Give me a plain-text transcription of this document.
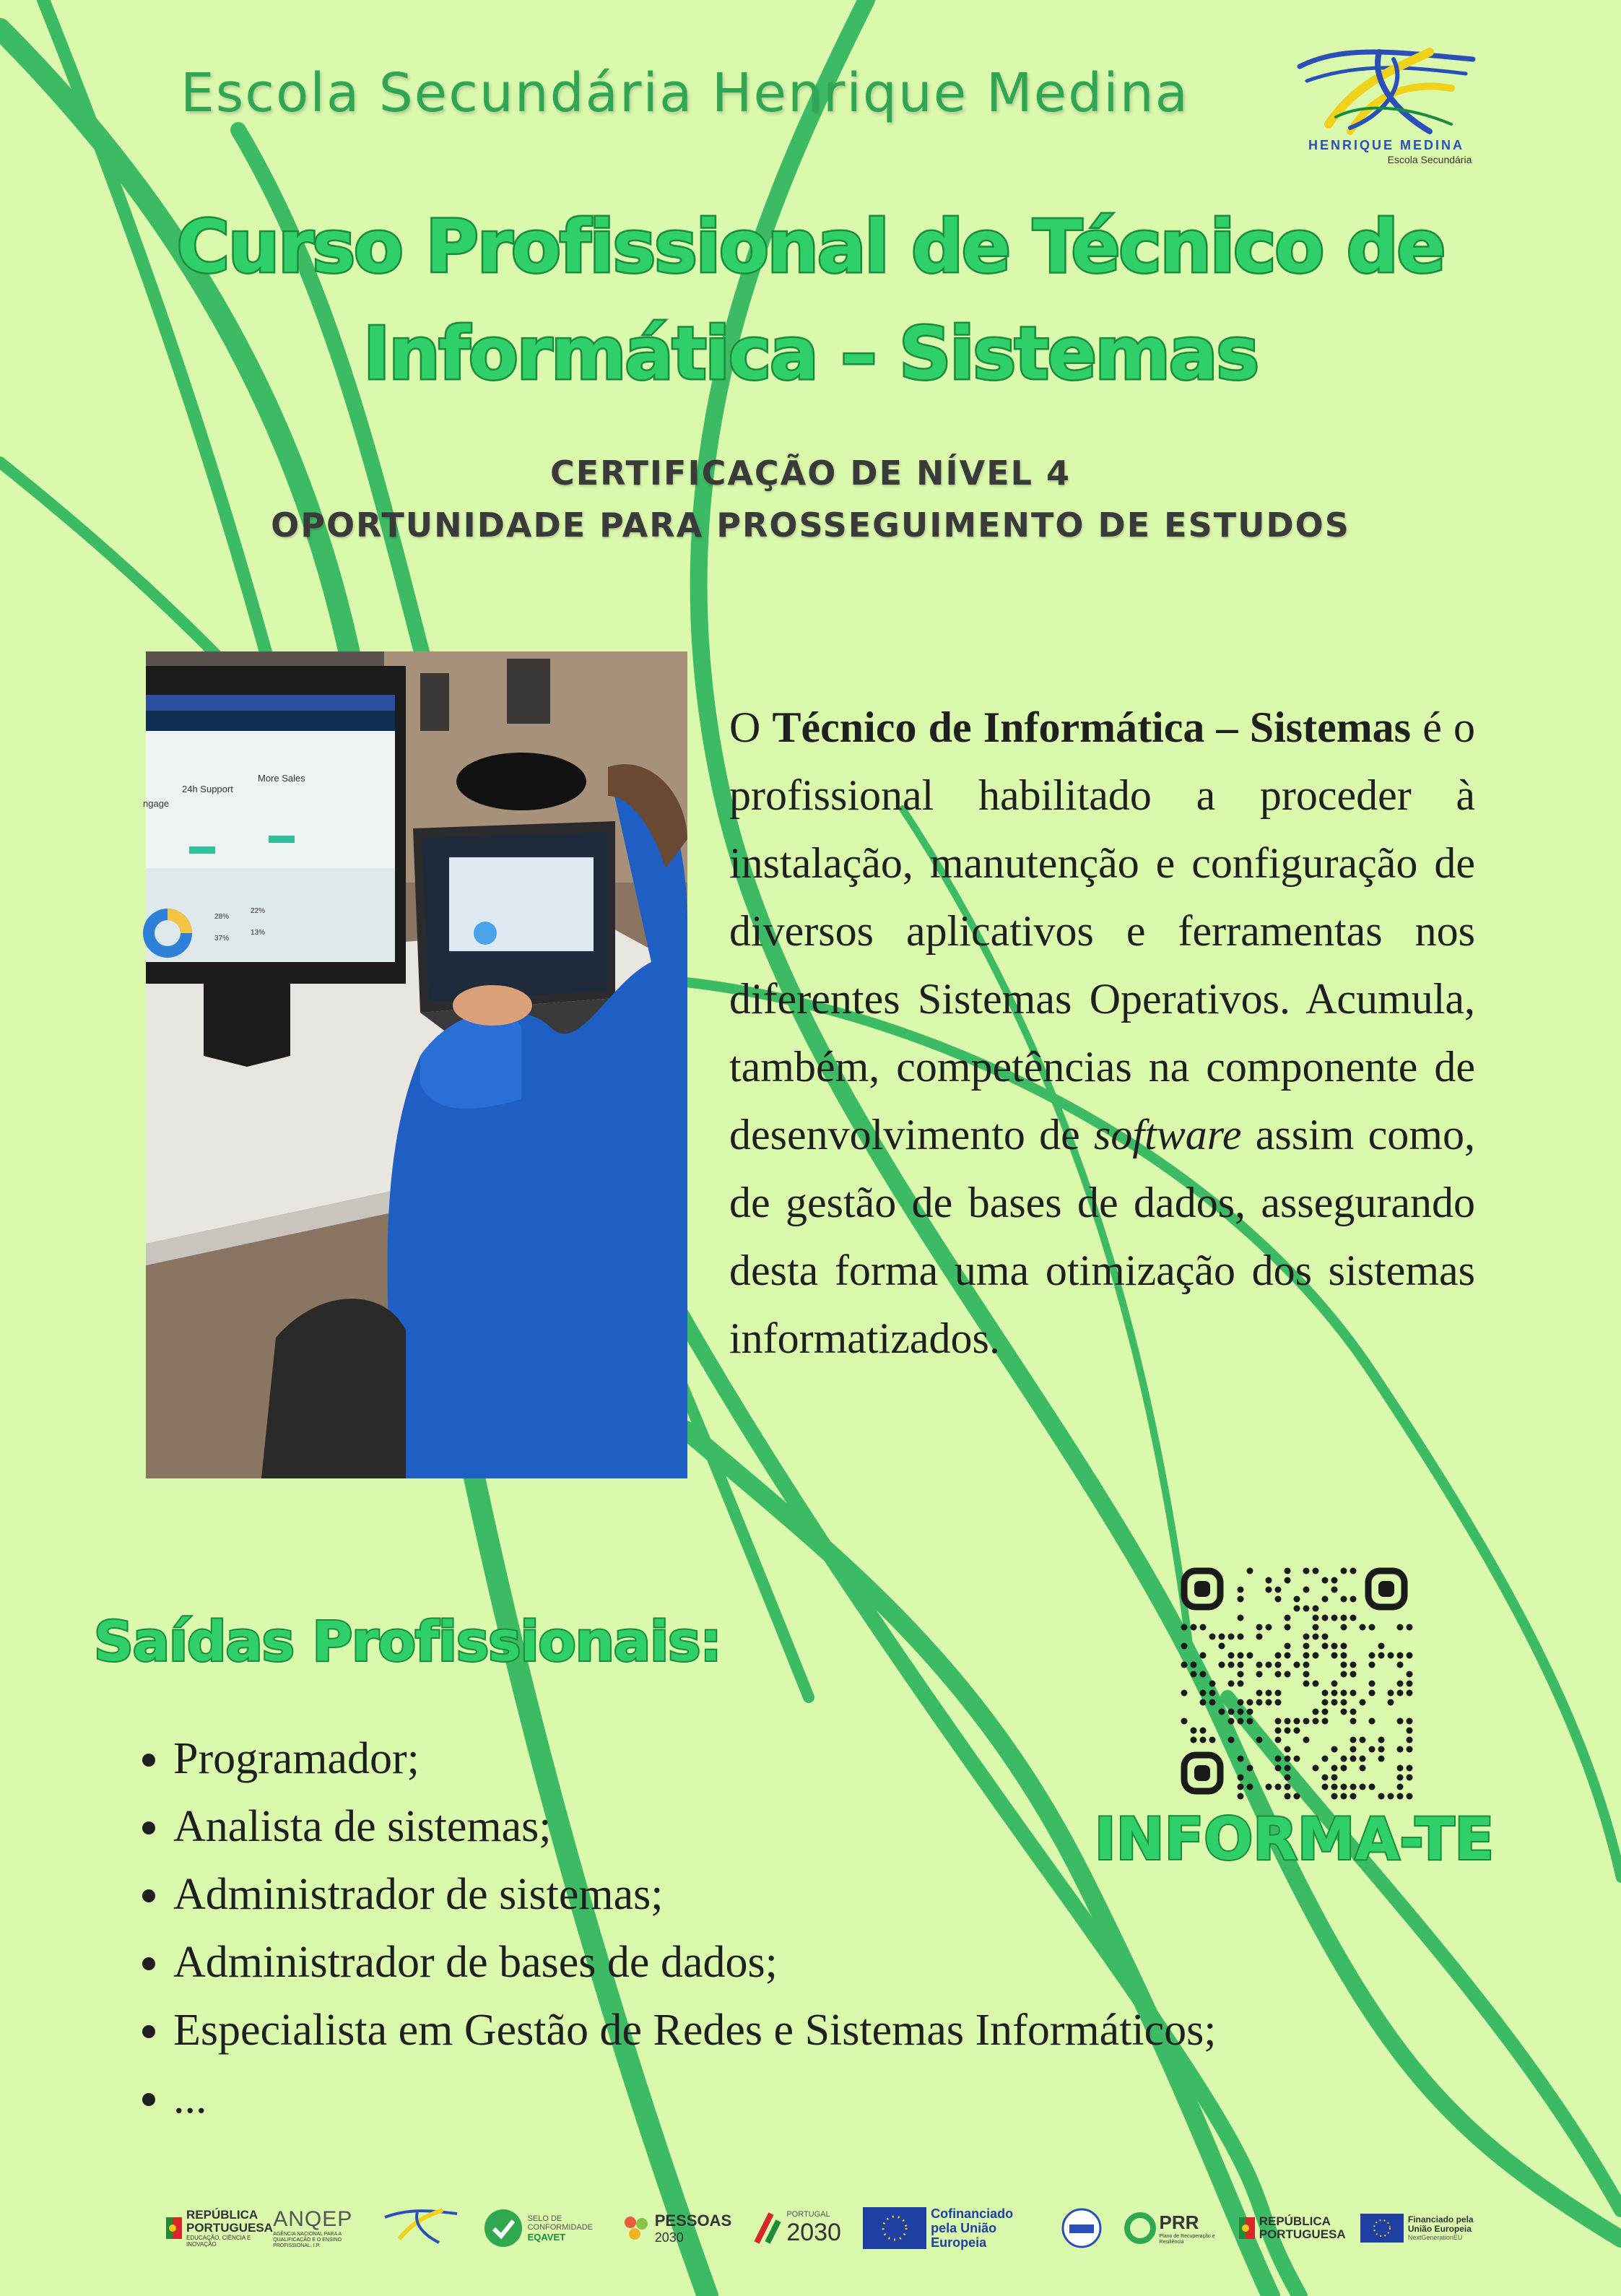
Escola Secundária Henrique Medina
HENRIQUE MEDINA
Escola Secundária
Curso Profissional de Técnico de
Informática – Sistemas
CERTIFICAÇÃO DE NÍVEL 4
OPORTUNIDADE PARA PROSSEGUIMENTO DE ESTUDOS
ngage
24h Support
More Sales
28%
22%
37%
13%
O Técnico de Informática – Sistemas é o profissional habilitado a proceder à instalação, manutenção e configuração de diversos aplicativos e ferramentas nos diferentes Sistemas Operativos. Acumula, também, competências na componente de desenvolvimento de software assim como, de gestão de bases de dados, assegurando desta forma uma otimização dos sistemas informatizados.
Saídas Profissionais:
• Programador;
• Analista de sistemas;
• Administrador de sistemas;
• Administrador de bases de dados;
• Especialista em Gestão de Redes e Sistemas Informáticos;
• ...
INFORMA-TE
REPÚBLICA PORTUGUESA
EDUCAÇÃO, CIÊNCIA E INOVAÇÃO
ANQEP
AGÊNCIA NACIONAL PARA A QUALIFICAÇÃO E O ENSINO PROFISSIONAL, I.P.
SELO DE CONFORMIDADE
EQAVET
PESSOAS
2030
PORTUGAL
2030
Cofinanciado pela União Europeia
PRR
Plano de Recuperação e Resiliência
REPÚBLICA PORTUGUESA
Financiado pela União Europeia
NextGenerationEU
